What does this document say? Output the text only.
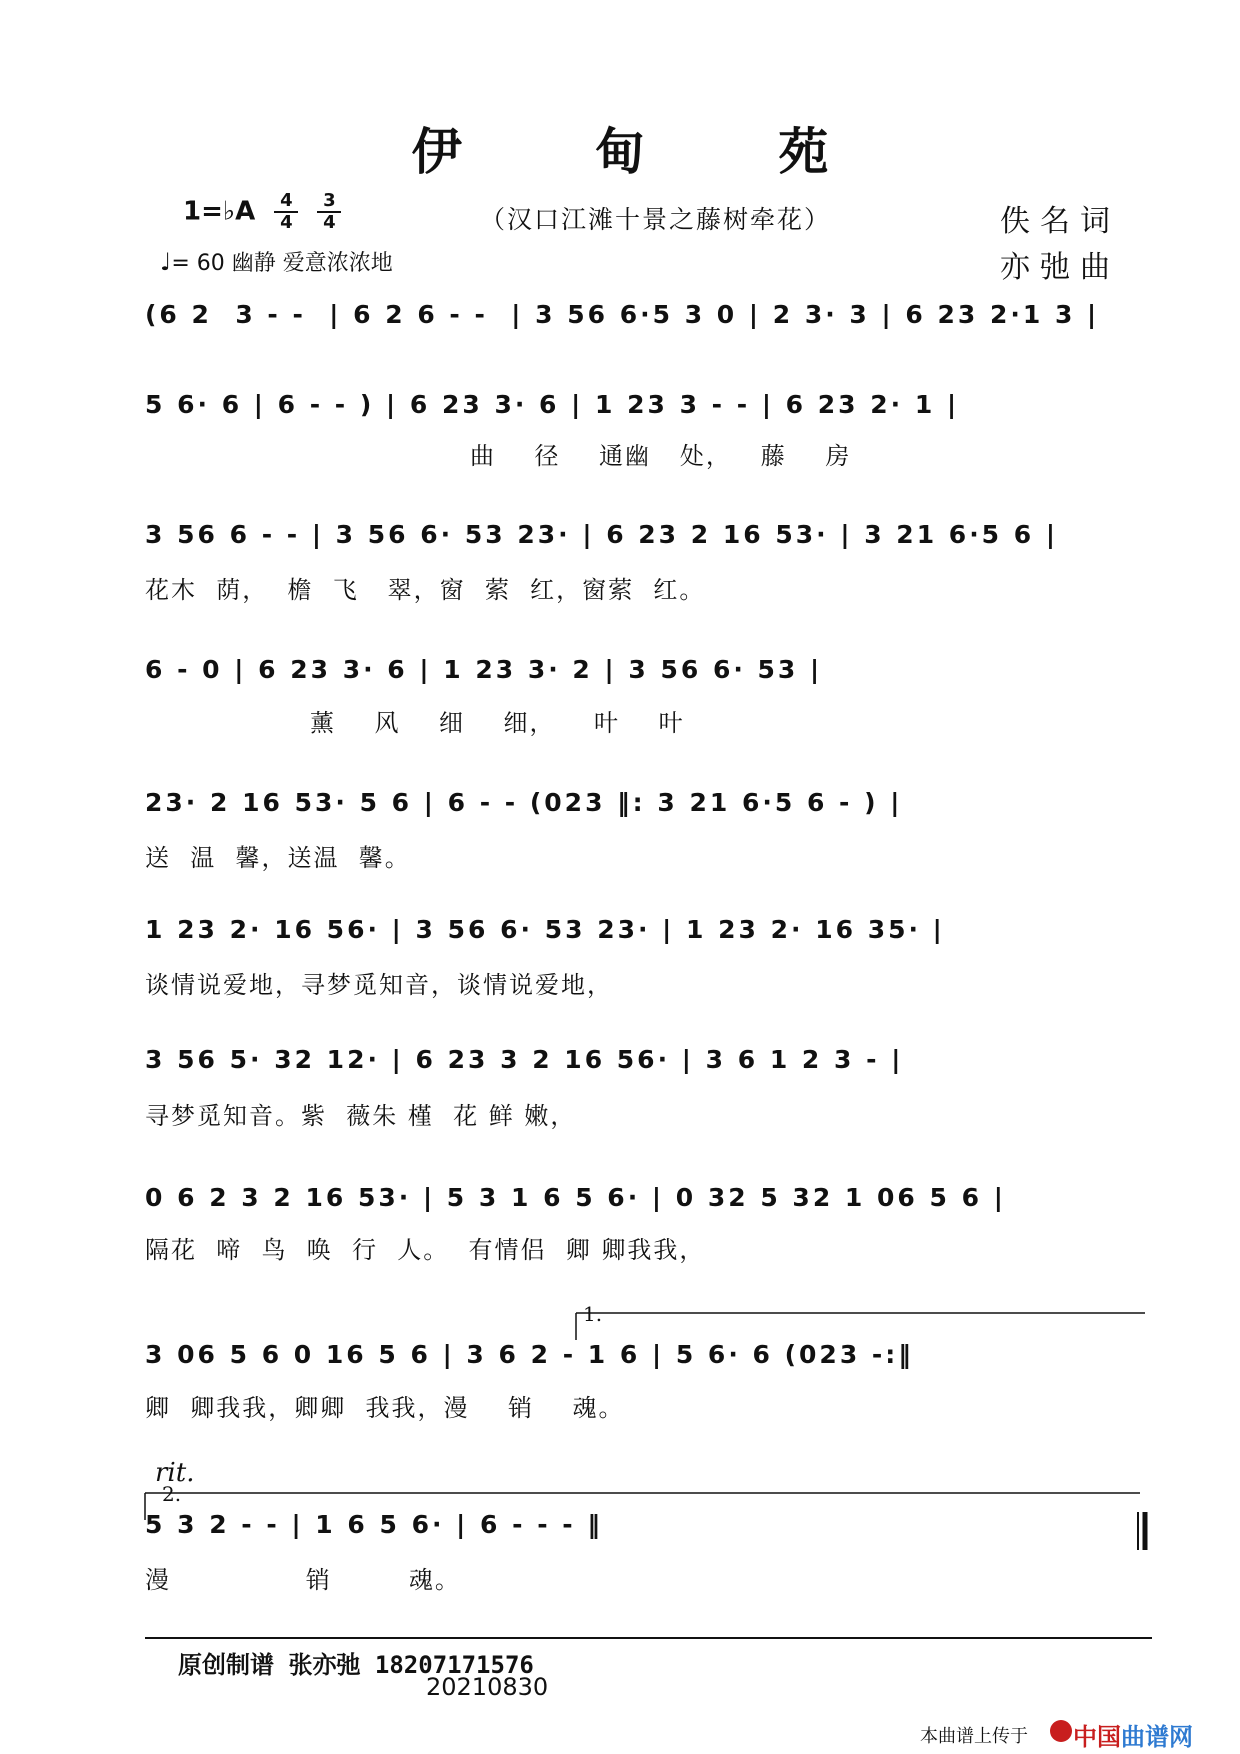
伊 甸 苑
1=♭A $\frac{4}{4}$
$\frac{3}{4}$	（汉口江滩十景之藤树牵花）	佚名词
亦弛曲
♩= 60 幽静 爱意浓浓地
(6 2  3 - -  | 6 2 6 - -  | 3 56 6·5 3 0 | 2 3· 3 | 6 23 2·1 3 |
5 6· 6 | 6 - - ) | 6 23 3· 6 | 1 23 3 - - | 6 23 2· 1 |
曲    径    通幽   处，   藤    房
3 56 6 - - | 3 56 6· 53 23· | 6 23 2 16 53· | 3 21 6·5 6 |
花木  荫，  檐  飞   翠，窗  萦  红，窗萦  红。
6 - 0 | 6 23 3· 6 | 1 23 3· 2 | 3 56 6· 53 |
薰    风    细    细，    叶    叶
23· 2 16 53· 5 6 | 6 - - (023 ‖: 3 21 6·5 6 - ) |
送  温  馨，送温  馨。
1 23 2· 16 56· | 3 56 6· 53 23· | 1 23 2· 16 35· |
谈情说爱地，寻梦觅知音，谈情说爱地，
3 56 5· 32 12· | 6 23 3 2 16 56· | 3 6 1 2 3 - |
寻梦觅知音。紫  薇朱 槿  花 鲜 嫩，
0 6 2 3 2 16 53· | 5 3 1 6 5 6· | 0 32 5 32 1 06 5 6 |
隔花  啼  鸟  唤  行  人。  有情侣  卿 卿我我，
1.
3 06 5 6 0 16 5 6 | 3 6 2 - 1 6 | 5 6· 6 (023 -:‖
卿  卿我我，卿卿  我我，漫    销    魂。
rit.
2.
5 3 2 - - | 1 6 5 6· | 6 - - - ‖
漫              销        魂。
原创制谱 张亦弛 18207171576
20210830
本曲谱上传于 中国曲谱网
